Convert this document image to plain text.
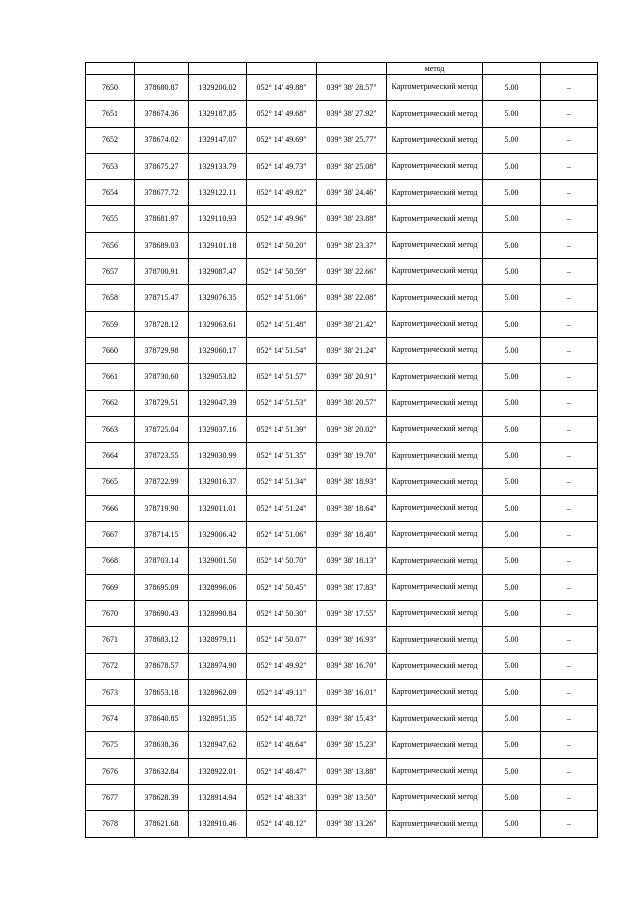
					метод		
7650	378680.87	1329200.02	052° 14' 49.88"	039° 38' 28.57"	Картометрический метод	5.00	–
7651	378674.36	1329187.85	052° 14' 49.68"	039° 38' 27.92"	Картометрический метод	5.00	–
7652	378674.02	1329147.07	052° 14' 49.69"	039° 38' 25.77"	Картометрический метод	5.00	–
7653	378675.27	1329133.79	052° 14' 49.73"	039° 38' 25.08"	Картометрический метод	5.00	–
7654	378677.72	1329122.11	052° 14' 49.82"	039° 38' 24.46"	Картометрический метод	5.00	–
7655	378681.97	1329110.93	052° 14' 49.96"	039° 38' 23.88"	Картометрический метод	5.00	–
7656	378689.03	1329101.18	052° 14' 50.20"	039° 38' 23.37"	Картометрический метод	5.00	–
7657	378700.91	1329087.47	052° 14' 50.59"	039° 38' 22.66"	Картометрический метод	5.00	–
7658	378715.47	1329076.35	052° 14' 51.06"	039° 38' 22.08"	Картометрический метод	5.00	–
7659	378728.12	1329063.61	052° 14' 51.48"	039° 38' 21.42"	Картометрический метод	5.00	–
7660	378729.98	1329060.17	052° 14' 51.54"	039° 38' 21.24"	Картометрический метод	5.00	–
7661	378730.60	1329053.82	052° 14' 51.57"	039° 38' 20.91"	Картометрический метод	5.00	–
7662	378729.51	1329047.39	052° 14' 51.53"	039° 38' 20.57"	Картометрический метод	5.00	–
7663	378725.04	1329037.16	052° 14' 51.39"	039° 38' 20.02"	Картометрический метод	5.00	–
7664	378723.55	1329030.99	052° 14' 51.35"	039° 38' 19.70"	Картометрический метод	5.00	–
7665	378722.99	1329016.37	052° 14' 51.34"	039° 38' 18.93"	Картометрический метод	5.00	–
7666	378719.90	1329011.01	052° 14' 51.24"	039° 38' 18.64"	Картометрический метод	5.00	–
7667	378714.15	1329006.42	052° 14' 51.06"	039° 38' 18.40"	Картометрический метод	5.00	–
7668	378703.14	1329001.50	052° 14' 50.70"	039° 38' 18.13"	Картометрический метод	5.00	–
7669	378695.09	1328996.06	052° 14' 50.45"	039° 38' 17.83"	Картометрический метод	5.00	–
7670	378690.43	1328990.84	052° 14' 50.30"	039° 38' 17.55"	Картометрический метод	5.00	–
7671	378683.12	1328979.11	052° 14' 50.07"	039° 38' 16.93"	Картометрический метод	5.00	–
7672	378678.57	1328974.90	052° 14' 49.92"	039° 38' 16.70"	Картометрический метод	5.00	–
7673	378653.18	1328962.09	052° 14' 49.11"	039° 38' 16.01"	Картометрический метод	5.00	–
7674	378640.85	1328951.35	052° 14' 48.72"	039° 38' 15.43"	Картометрический метод	5.00	–
7675	378638.36	1328947.62	052° 14' 48.64"	039° 38' 15.23"	Картометрический метод	5.00	–
7676	378632.84	1328922.01	052° 14' 48.47"	039° 38' 13.88"	Картометрический метод	5.00	–
7677	378628.39	1328914.94	052° 14' 48.33"	039° 38' 13.50"	Картометрический метод	5.00	–
7678	378621.68	1328910.46	052° 14' 48.12"	039° 38' 13.26"	Картометрический метод	5.00	–
